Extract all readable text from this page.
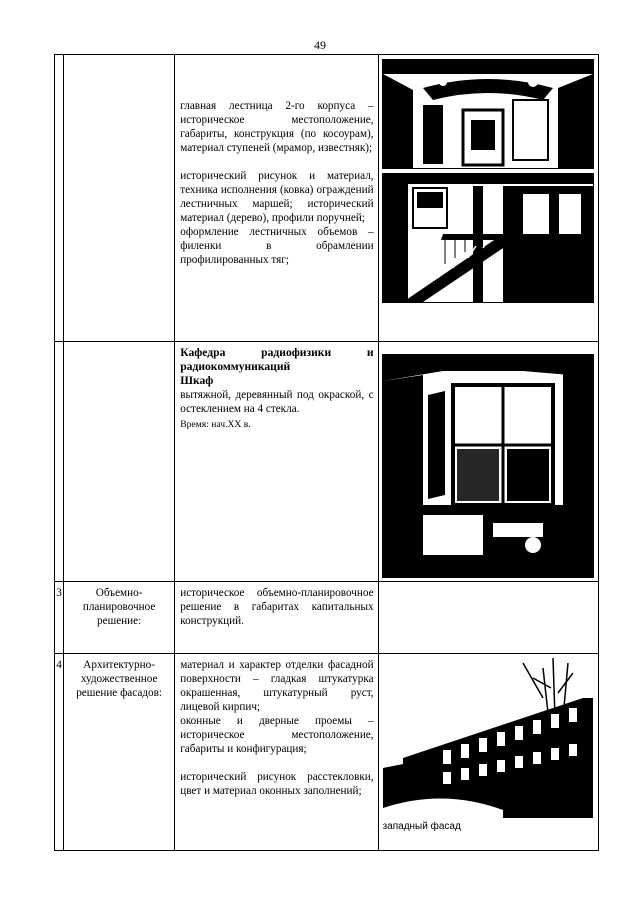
49

		главная лестница 2-го корпуса – историческое местоположение, габариты, конструкция (по косоурам), материал ступеней (мрамор, известняк);

исторический рисунок и материал, техника исполнения (ковка) ограждений лестничных маршей; исторический материал (дерево), профили поручней;

оформление лестничных объемов – филенки в обрамлении профилированных тяг;

		Кафедра радиофизики и радиокоммуникаций
Шкаф
вытяжной, деревянный под окраской, с остеклением на 4 стекла.
Время: нач.XX в.

3	Объемно-планировочное решение:	историческое объемно-планировочное решение в габаритах капитальных конструкций.	

4	Архитектурно-художественное решение фасадов:	материал и характер отделки фасадной поверхности – гладкая штукатурка окрашенная, штукатурный руст, лицевой кирпич;

оконные и дверные проемы – историческое местоположение, габариты и конфигурация;

исторический рисунок расстекловки, цвет и материал оконных заполнений;	западный фасад
